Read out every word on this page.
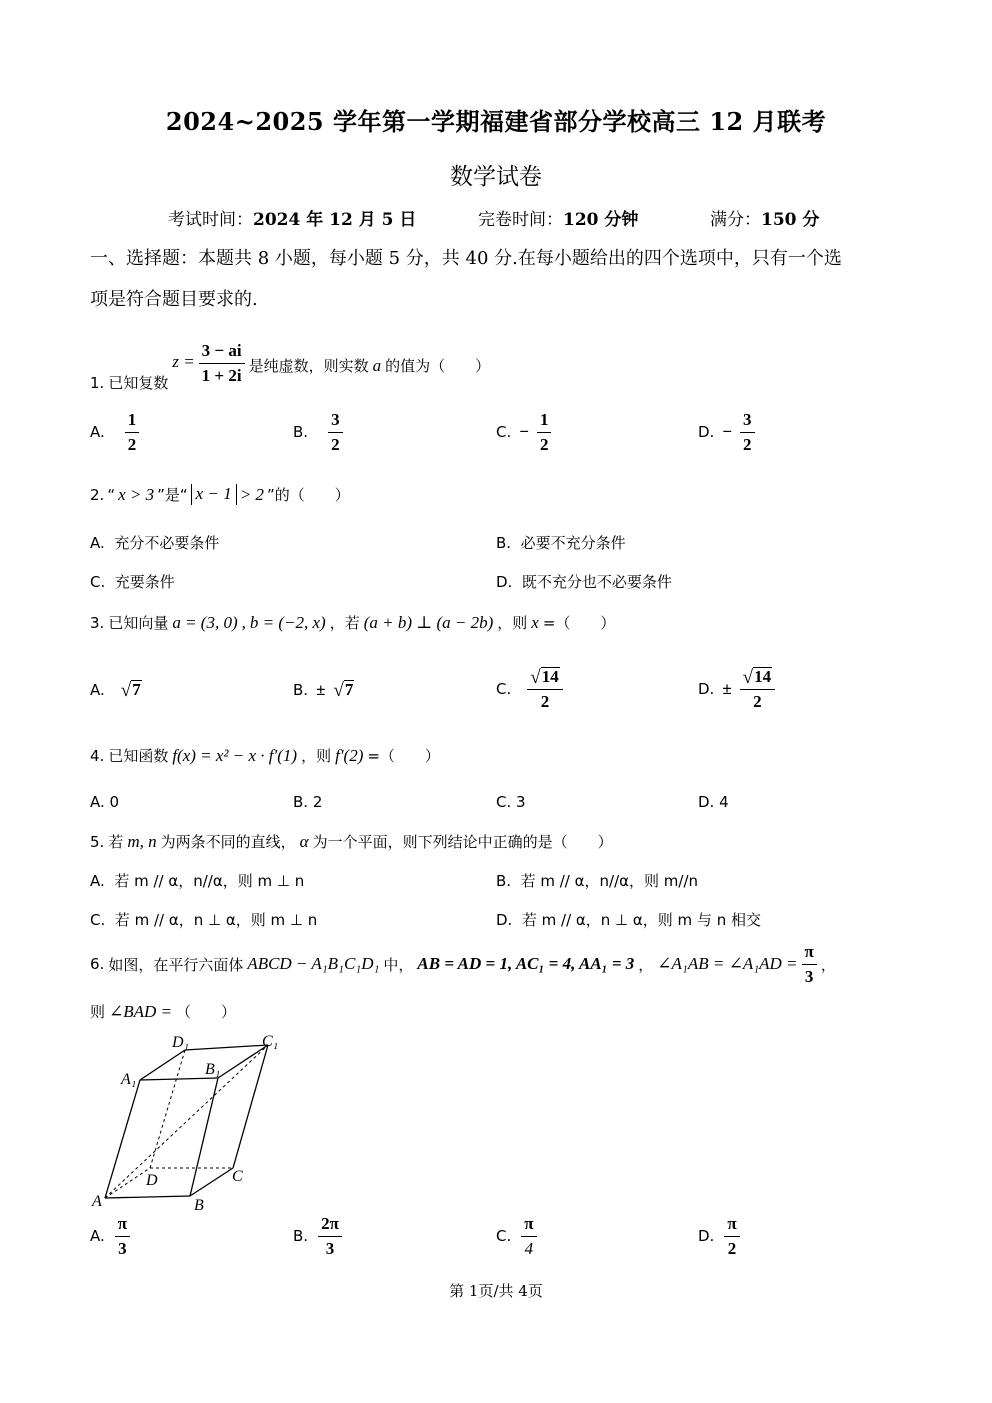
2024~2025 学年第一学期福建省部分学校高三 12 月联考
数学试卷
考试时间：2024 年 12 月 5 日	完卷时间：120 分钟	满分：150 分
一、选择题：本题共 8 小题，每小题 5 分，共 40 分.在每小题给出的四个选项中，只有一个选
项是符合题目要求的.
1. 已知复数
$z = \frac{3 - ai}{1 + 2i}$ 是纯虚数，则实数 a 的值为（　　）
A. $\frac{1}{2}$	B. $\frac{3}{2}$	C. − $\frac{1}{2}$	D. − $\frac{3}{2}$
2. “ x > 3 ”是“ x − 1 > 2 ”的（　　）
A. 充分不必要条件	B. 必要不充分条件
C. 充要条件	D. 既不充分也不必要条件
3. 已知向量 a = (3, 0) , b = (−2, x) ，若 (a + b) ⊥ (a − 2b) ，则 x =（　　）
A. √ 7	B. ± √ 7	C. $\frac{√ 14}{2}$	D. ± $\frac{√ 14}{2}$
4. 已知函数 f(x) = x² − x · f′(1) ，则 f′(2) =（　　）
A. 0	B. 2	C. 3	D. 4
5. 若 m, n 为两条不同的直线， α 为一个平面，则下列结论中正确的是（　　）
A. 若 m // α，n//α，则 m ⊥ n	B. 若 m // α，n//α，则 m//n
C. 若 m // α，n ⊥ α，则 m ⊥ n	D. 若 m // α，n ⊥ α，则 m 与 n 相交
6. 如图，在平行六面体 ABCD − A₁B₁C₁D₁ 中， AB = AD = 1, AC₁ = 4, AA₁ = 3 ， ∠A₁AB = ∠A₁AD = $\frac{\pi}{3}$ ，
则 ∠BAD = （　　）
A	B
C
D
A₁
B₁
C₁
D₁
A. $\frac{\pi}{3}$	B. $\frac{2\pi}{3}$	C. $\frac{\pi}{4}$	D. $\frac{\pi}{2}$
第 1页/共 4页
